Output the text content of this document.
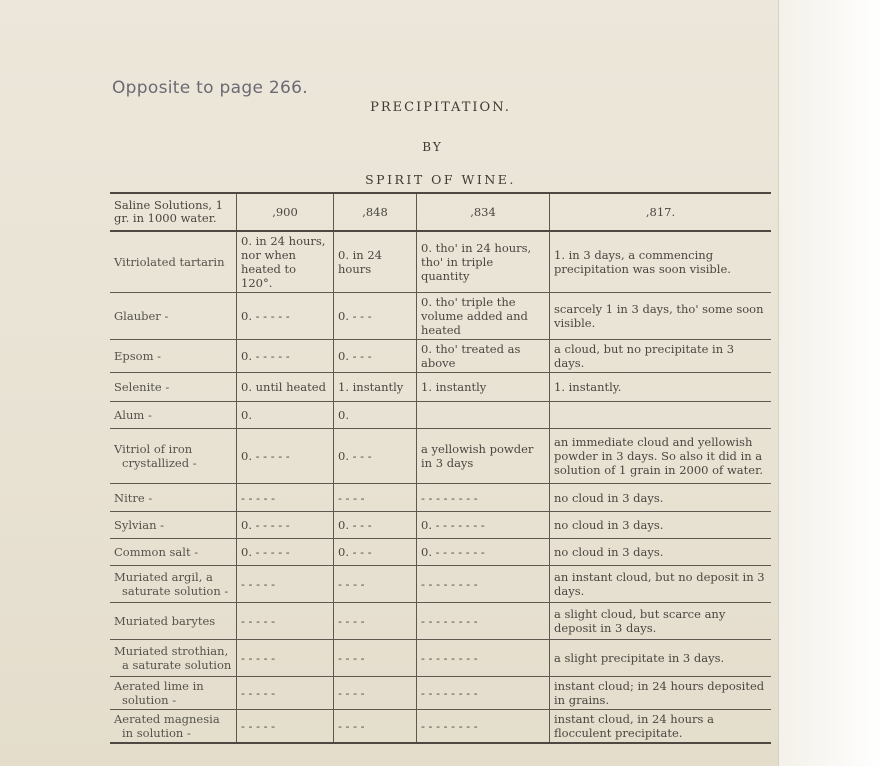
Opposite to page 266.
PRECIPITATION.
BY
SPIRIT OF WINE.
Saline Solutions, 1 gr. in 1000 water.	,900	,848	,834	,817.
Vitriolated tartarin	0. in 24 hours, nor when heated to 120°.	0. in 24 hours	0. tho' in 24 hours, tho' in triple quantity	1. in 3 days, a commencing precipitation was soon visible.
Glauber -	0. - - - - -	0. - - -	0. tho' triple the volume added and heated	scarcely 1 in 3 days, tho' some soon visible.
Epsom -	0. - - - - -	0. - - -	0. tho' treated as above	a cloud, but no precipitate in 3 days.
Selenite -	0. until heated	1. instantly	1. instantly	1. instantly.
Alum -	0.	0.		
Vitriol of iron crystallized -	0. - - - - -	0. - - -	a yellowish powder in 3 days	an immediate cloud and yellowish powder in 3 days. So also it did in a solution of 1 grain in 2000 of water.
Nitre -	- - - - -	- - - -	- - - - - - - -	no cloud in 3 days.
Sylvian -	0. - - - - -	0. - - -	0. - - - - - - -	no cloud in 3 days.
Common salt -	0. - - - - -	0. - - -	0. - - - - - - -	no cloud in 3 days.
Muriated argil, a saturate solution -	- - - - -	- - - -	- - - - - - - -	an instant cloud, but no deposit in 3 days.
Muriated barytes	- - - - -	- - - -	- - - - - - - -	a slight cloud, but scarce any deposit in 3 days.
Muriated strothian, a saturate solution	- - - - -	- - - -	- - - - - - - -	a slight precipitate in 3 days.
Aerated lime in solution -	- - - - -	- - - -	- - - - - - - -	instant cloud; in 24 hours deposited in grains.
Aerated magnesia in solution -	- - - - -	- - - -	- - - - - - - -	instant cloud, in 24 hours a flocculent precipitate.
